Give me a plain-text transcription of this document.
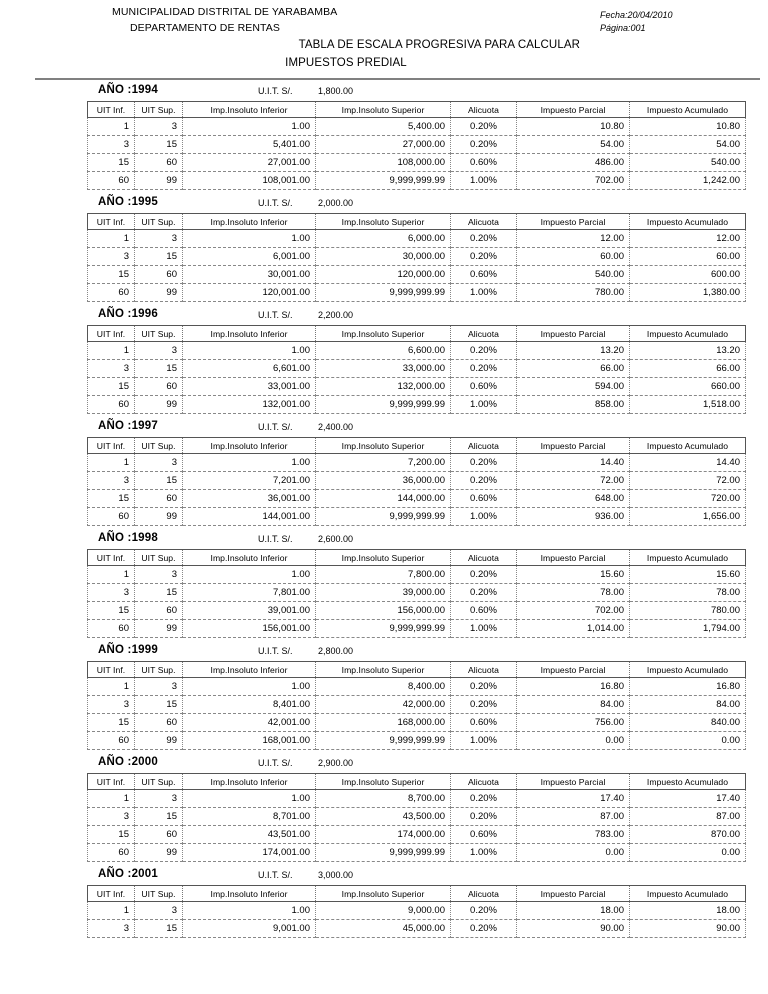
MUNICIPALIDAD DISTRITAL DE YARABAMBA
DEPARTAMENTO DE RENTAS
TABLA DE ESCALA PROGRESIVA PARA CALCULAR
IMPUESTOS PREDIAL
Fecha:20/04/2010
Página:001
AÑO :1994	U.I.T. S/.	1,800.00
UIT Inf.	UIT Sup.	Imp.Insoluto Inferior	Imp.Insoluto Superior	Alicuota	Impuesto Parcial	Impuesto Acumulado
1	3	1.00	5,400.00	0.20%	10.80	10.80
3	15	5,401.00	27,000.00	0.20%	54.00	54.00
15	60	27,001.00	108,000.00	0.60%	486.00	540.00
60	99	108,001.00	9,999,999.99	1.00%	702.00	1,242.00
AÑO :1995	U.I.T. S/.	2,000.00
UIT Inf.	UIT Sup.	Imp.Insoluto Inferior	Imp.Insoluto Superior	Alicuota	Impuesto Parcial	Impuesto Acumulado
1	3	1.00	6,000.00	0.20%	12.00	12.00
3	15	6,001.00	30,000.00	0.20%	60.00	60.00
15	60	30,001.00	120,000.00	0.60%	540.00	600.00
60	99	120,001.00	9,999,999.99	1.00%	780.00	1,380.00
AÑO :1996	U.I.T. S/.	2,200.00
UIT Inf.	UIT Sup.	Imp.Insoluto Inferior	Imp.Insoluto Superior	Alicuota	Impuesto Parcial	Impuesto Acumulado
1	3	1.00	6,600.00	0.20%	13.20	13.20
3	15	6,601.00	33,000.00	0.20%	66.00	66.00
15	60	33,001.00	132,000.00	0.60%	594.00	660.00
60	99	132,001.00	9,999,999.99	1.00%	858.00	1,518.00
AÑO :1997	U.I.T. S/.	2,400.00
UIT Inf.	UIT Sup.	Imp.Insoluto Inferior	Imp.Insoluto Superior	Alicuota	Impuesto Parcial	Impuesto Acumulado
1	3	1.00	7,200.00	0.20%	14.40	14.40
3	15	7,201.00	36,000.00	0.20%	72.00	72.00
15	60	36,001.00	144,000.00	0.60%	648.00	720.00
60	99	144,001.00	9,999,999.99	1.00%	936.00	1,656.00
AÑO :1998	U.I.T. S/.	2,600.00
UIT Inf.	UIT Sup.	Imp.Insoluto Inferior	Imp.Insoluto Superior	Alicuota	Impuesto Parcial	Impuesto Acumulado
1	3	1.00	7,800.00	0.20%	15.60	15.60
3	15	7,801.00	39,000.00	0.20%	78.00	78.00
15	60	39,001.00	156,000.00	0.60%	702.00	780.00
60	99	156,001.00	9,999,999.99	1.00%	1,014.00	1,794.00
AÑO :1999	U.I.T. S/.	2,800.00
UIT Inf.	UIT Sup.	Imp.Insoluto Inferior	Imp.Insoluto Superior	Alicuota	Impuesto Parcial	Impuesto Acumulado
1	3	1.00	8,400.00	0.20%	16.80	16.80
3	15	8,401.00	42,000.00	0.20%	84.00	84.00
15	60	42,001.00	168,000.00	0.60%	756.00	840.00
60	99	168,001.00	9,999,999.99	1.00%	0.00	0.00
AÑO :2000	U.I.T. S/.	2,900.00
UIT Inf.	UIT Sup.	Imp.Insoluto Inferior	Imp.Insoluto Superior	Alicuota	Impuesto Parcial	Impuesto Acumulado
1	3	1.00	8,700.00	0.20%	17.40	17.40
3	15	8,701.00	43,500.00	0.20%	87.00	87.00
15	60	43,501.00	174,000.00	0.60%	783.00	870.00
60	99	174,001.00	9,999,999.99	1.00%	0.00	0.00
AÑO :2001	U.I.T. S/.	3,000.00
UIT Inf.	UIT Sup.	Imp.Insoluto Inferior	Imp.Insoluto Superior	Alicuota	Impuesto Parcial	Impuesto Acumulado
1	3	1.00	9,000.00	0.20%	18.00	18.00
3	15	9,001.00	45,000.00	0.20%	90.00	90.00
